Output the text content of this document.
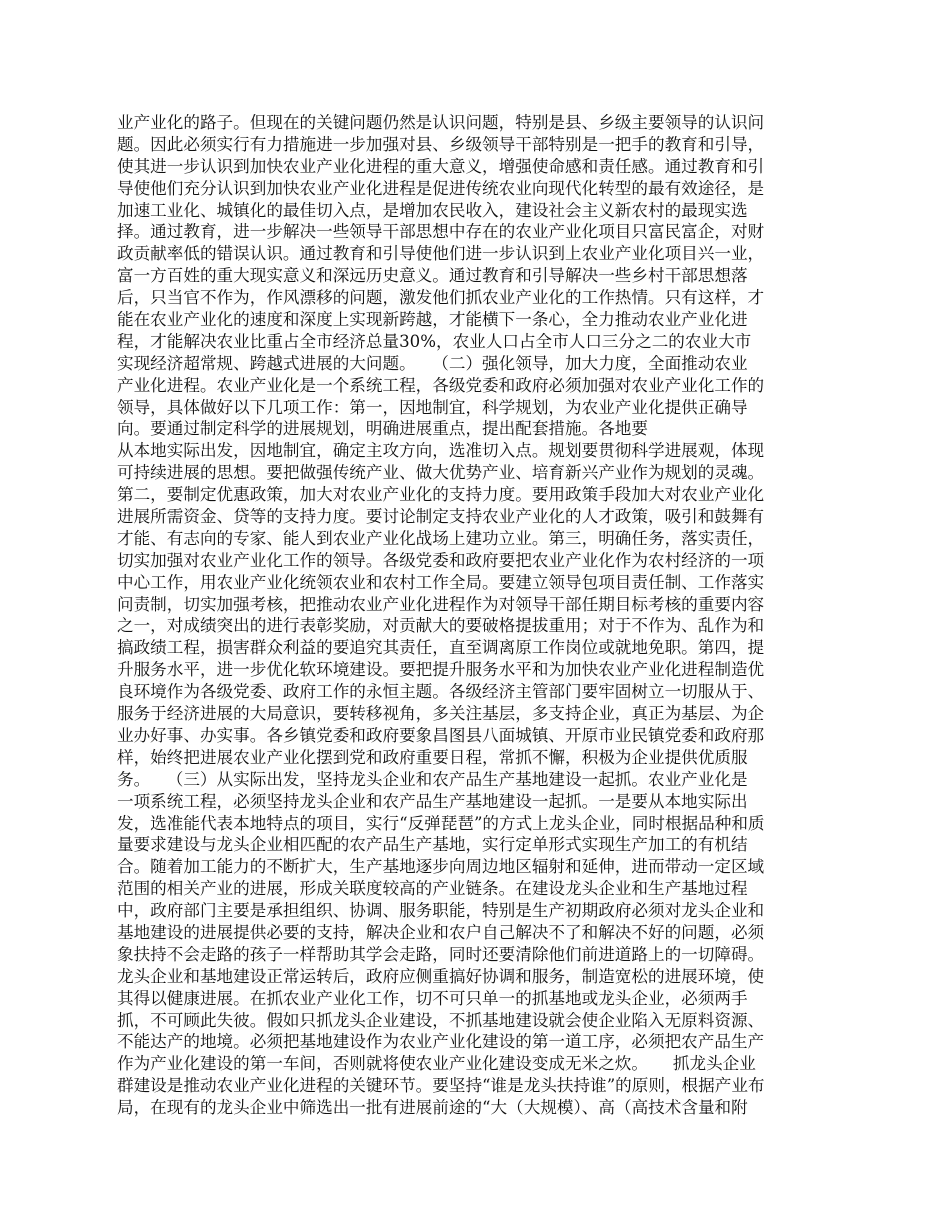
业产业化的路子。但现在的关键问题仍然是认识问题，特别是县、乡级主要领导的认识问
题。因此必须实行有力措施进一步加强对县、乡级领导干部特别是一把手的教育和引导，
使其进一步认识到加快农业产业化进程的重大意义，增强使命感和责任感。通过教育和引
导使他们充分认识到加快农业产业化进程是促进传统农业向现代化转型的最有效途径，是
加速工业化、城镇化的最佳切入点，是增加农民收入，建设社会主义新农村的最现实选
择。通过教育，进一步解决一些领导干部思想中存在的农业产业化项目只富民富企，对财
政贡献率低的错误认识。通过教育和引导使他们进一步认识到上农业产业化项目兴一业，
富一方百姓的重大现实意义和深远历史意义。通过教育和引导解决一些乡村干部思想落
后，只当官不作为，作风漂移的问题，激发他们抓农业产业化的工作热情。只有这样，才
能在农业产业化的速度和深度上实现新跨越，才能横下一条心，全力推动农业产业化进
程，才能解决农业比重占全市经济总量30%，农业人口占全市人口三分之二的农业大市
实现经济超常规、跨越式进展的大问题。　　（二）强化领导，加大力度，全面推动农业
产业化进程。农业产业化是一个系统工程，各级党委和政府必须加强对农业产业化工作的
领导，具体做好以下几项工作：第一，因地制宜，科学规划，为农业产业化提供正确导
向。要通过制定科学的进展规划，明确进展重点，提出配套措施。各地要
从本地实际出发，因地制宜，确定主攻方向，选准切入点。规划要贯彻科学进展观，体现
可持续进展的思想。要把做强传统产业、做大优势产业、培育新兴产业作为规划的灵魂。
第二，要制定优惠政策，加大对农业产业化的支持力度。要用政策手段加大对农业产业化
进展所需资金、贷等的支持力度。要讨论制定支持农业产业化的人才政策，吸引和鼓舞有
才能、有志向的专家、能人到农业产业化战场上建功立业。第三，明确任务，落实责任，
切实加强对农业产业化工作的领导。各级党委和政府要把农业产业化作为农村经济的一项
中心工作，用农业产业化统领农业和农村工作全局。要建立领导包项目责任制、工作落实
问责制，切实加强考核，把推动农业产业化进程作为对领导干部任期目标考核的重要内容
之一，对成绩突出的进行表彰奖励，对贡献大的要破格提拔重用；对于不作为、乱作为和
搞政绩工程，损害群众利益的要追究其责任，直至调离原工作岗位或就地免职。第四，提
升服务水平，进一步优化软环境建设。要把提升服务水平和为加快农业产业化进程制造优
良环境作为各级党委、政府工作的永恒主题。各级经济主管部门要牢固树立一切服从于、
服务于经济进展的大局意识，要转移视角，多关注基层，多支持企业，真正为基层、为企
业办好事、办实事。各乡镇党委和政府要象昌图县八面城镇、开原市业民镇党委和政府那
样，始终把进展农业产业化摆到党和政府重要日程，常抓不懈，积极为企业提供优质服
务。　　（三）从实际出发，坚持龙头企业和农产品生产基地建设一起抓。农业产业化是
一项系统工程，必须坚持龙头企业和农产品生产基地建设一起抓。一是要从本地实际出
发，选准能代表本地特点的项目，实行“反弹琵琶”的方式上龙头企业，同时根据品种和质
量要求建设与龙头企业相匹配的农产品生产基地，实行定单形式实现生产加工的有机结
合。随着加工能力的不断扩大，生产基地逐步向周边地区辐射和延伸，进而带动一定区域
范围的相关产业的进展，形成关联度较高的产业链条。在建设龙头企业和生产基地过程
中，政府部门主要是承担组织、协调、服务职能，特别是生产初期政府必须对龙头企业和
基地建设的进展提供必要的支持，解决企业和农户自己解决不了和解决不好的问题，必须
象扶持不会走路的孩子一样帮助其学会走路，同时还要清除他们前进道路上的一切障碍。
龙头企业和基地建设正常运转后，政府应侧重搞好协调和服务，制造宽松的进展环境，使
其得以健康进展。在抓农业产业化工作，切不可只单一的抓基地或龙头企业，必须两手
抓，不可顾此失彼。假如只抓龙头企业建设，不抓基地建设就会使企业陷入无原料资源、
不能达产的地境。必须把基地建设作为农业产业化建设的第一道工序，必须把农产品生产
作为产业化建设的第一车间，否则就将使农业产业化建设变成无米之炊。　　抓龙头企业
群建设是推动农业产业化进程的关键环节。要坚持“谁是龙头扶持谁”的原则，根据产业布
局，在现有的龙头企业中筛选出一批有进展前途的“大（大规模）、高（高技术含量和附
